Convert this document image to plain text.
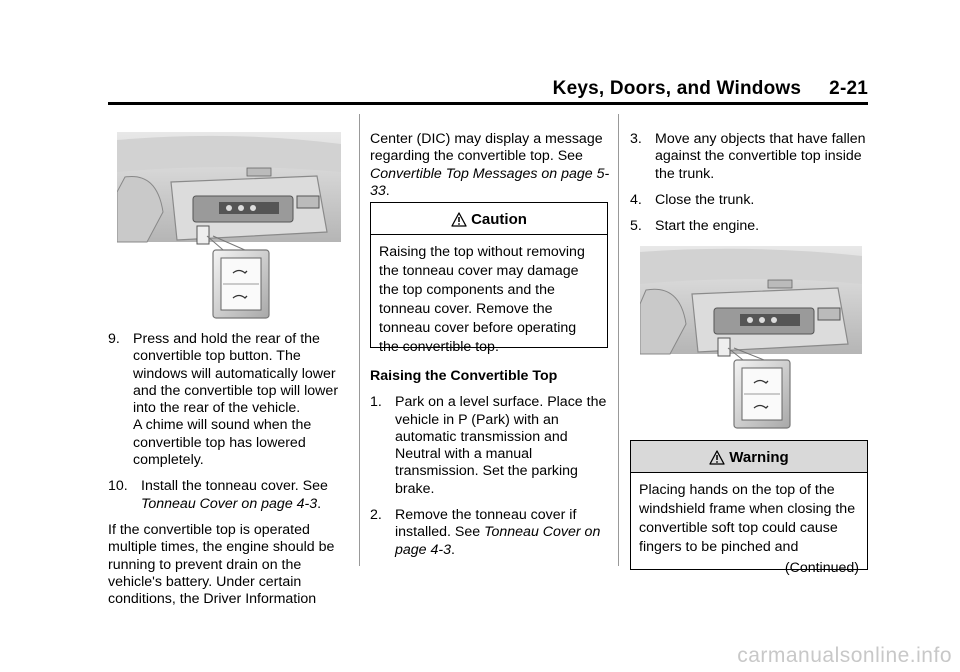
Keys, Doors, and Windows 2-21

9. Press and hold the rear of the convertible top button. The windows will automatically lower and the convertible top will lower into the rear of the vehicle.
A chime will sound when the convertible top has lowered completely.

10. Install the tonneau cover. See
Tonneau Cover on page 4-3.

If the convertible top is operated multiple times, the engine should be running to prevent drain on the vehicle's battery. Under certain conditions, the Driver Information

Center (DIC) may display a message regarding the convertible top. See Convertible Top Messages on page 5-33.

Caution
Raising the top without removing the tonneau cover may damage the top components and the tonneau cover. Remove the tonneau cover before operating the convertible top.

Raising the Convertible Top

1. Park on a level surface. Place the vehicle in P (Park) with an automatic transmission and Neutral with a manual transmission. Set the parking brake.

2. Remove the tonneau cover if installed. See Tonneau Cover on page 4-3.

3. Move any objects that have fallen against the convertible top inside the trunk.

4. Close the trunk.

5. Start the engine.

Warning
Placing hands on the top of the windshield frame when closing the convertible soft top could cause fingers to be pinched and
(Continued)
carmanualsonline.info
